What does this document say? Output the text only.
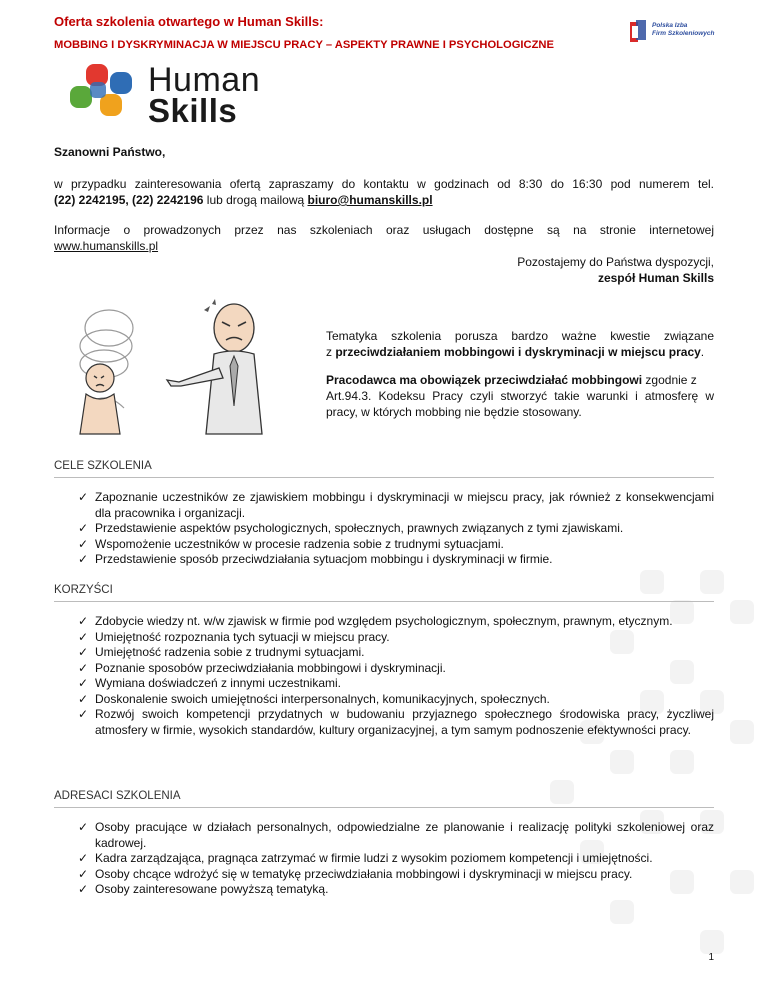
Oferta szkolenia otwartego w Human Skills:
MOBBING I DYSKRYMINACJA W MIEJSCU PRACY – ASPEKTY PRAWNE I PSYCHOLOGICZNE
Polska Izba
Firm Szkoleniowych
Human
Skills
Szanowni Państwo,
w przypadku zainteresowania ofertą zapraszamy do kontaktu w godzinach od 8:30 do 16:30 pod numerem tel.
(22) 2242195, (22) 2242196 lub drogą mailową biuro@humanskills.pl
Informacje o prowadzonych przez nas szkoleniach oraz usługach dostępne są na stronie internetowej
www.humanskills.pl
Pozostajemy do Państwa dyspozycji,
zespół Human Skills
Tematyka szkolenia porusza bardzo ważne kwestie związane
z przeciwdziałaniem mobbingowi i dyskryminacji w miejscu pracy.
Pracodawca ma obowiązek przeciwdziałać mobbingowi zgodnie z
Art.94.3. Kodeksu Pracy czyli stworzyć takie warunki i atmosferę w
pracy, w których mobbing nie będzie stosowany.
CELE SZKOLENIA
✓ Zapoznanie uczestników ze zjawiskiem mobbingu i dyskryminacji w miejscu pracy, jak również z konsekwencjami dla pracownika i organizacji.
✓ Przedstawienie aspektów psychologicznych, społecznych, prawnych związanych z tymi zjawiskami.
✓ Wspomożenie uczestników w procesie radzenia sobie z trudnymi sytuacjami.
✓ Przedstawienie sposób przeciwdziałania sytuacjom mobbingu i dyskryminacji w firmie.
KORZYŚCI
✓ Zdobycie wiedzy nt. w/w zjawisk w firmie pod względem psychologicznym, społecznym, prawnym, etycznym.
✓ Umiejętność rozpoznania tych sytuacji w miejscu pracy.
✓ Umiejętność radzenia sobie z trudnymi sytuacjami.
✓ Poznanie sposobów przeciwdziałania mobbingowi i dyskryminacji.
✓ Wymiana doświadczeń z innymi uczestnikami.
✓ Doskonalenie swoich umiejętności interpersonalnych, komunikacyjnych, społecznych.
✓ Rozwój swoich kompetencji przydatnych w budowaniu przyjaznego społecznego środowiska pracy, życzliwej atmosfery w firmie, wysokich standardów, kultury organizacyjnej, a tym samym podnoszenie efektywności pracy.
ADRESACI SZKOLENIA
✓ Osoby pracujące w działach personalnych, odpowiedzialne ze planowanie i realizację polityki szkoleniowej oraz kadrowej.
✓ Kadra zarządzająca, pragnąca zatrzymać w firmie ludzi z wysokim poziomem kompetencji i umiejętności.
✓ Osoby chcące wdrożyć się w tematykę przeciwdziałania mobbingowi i dyskryminacji w miejscu pracy.
✓ Osoby zainteresowane powyższą tematyką.
1
